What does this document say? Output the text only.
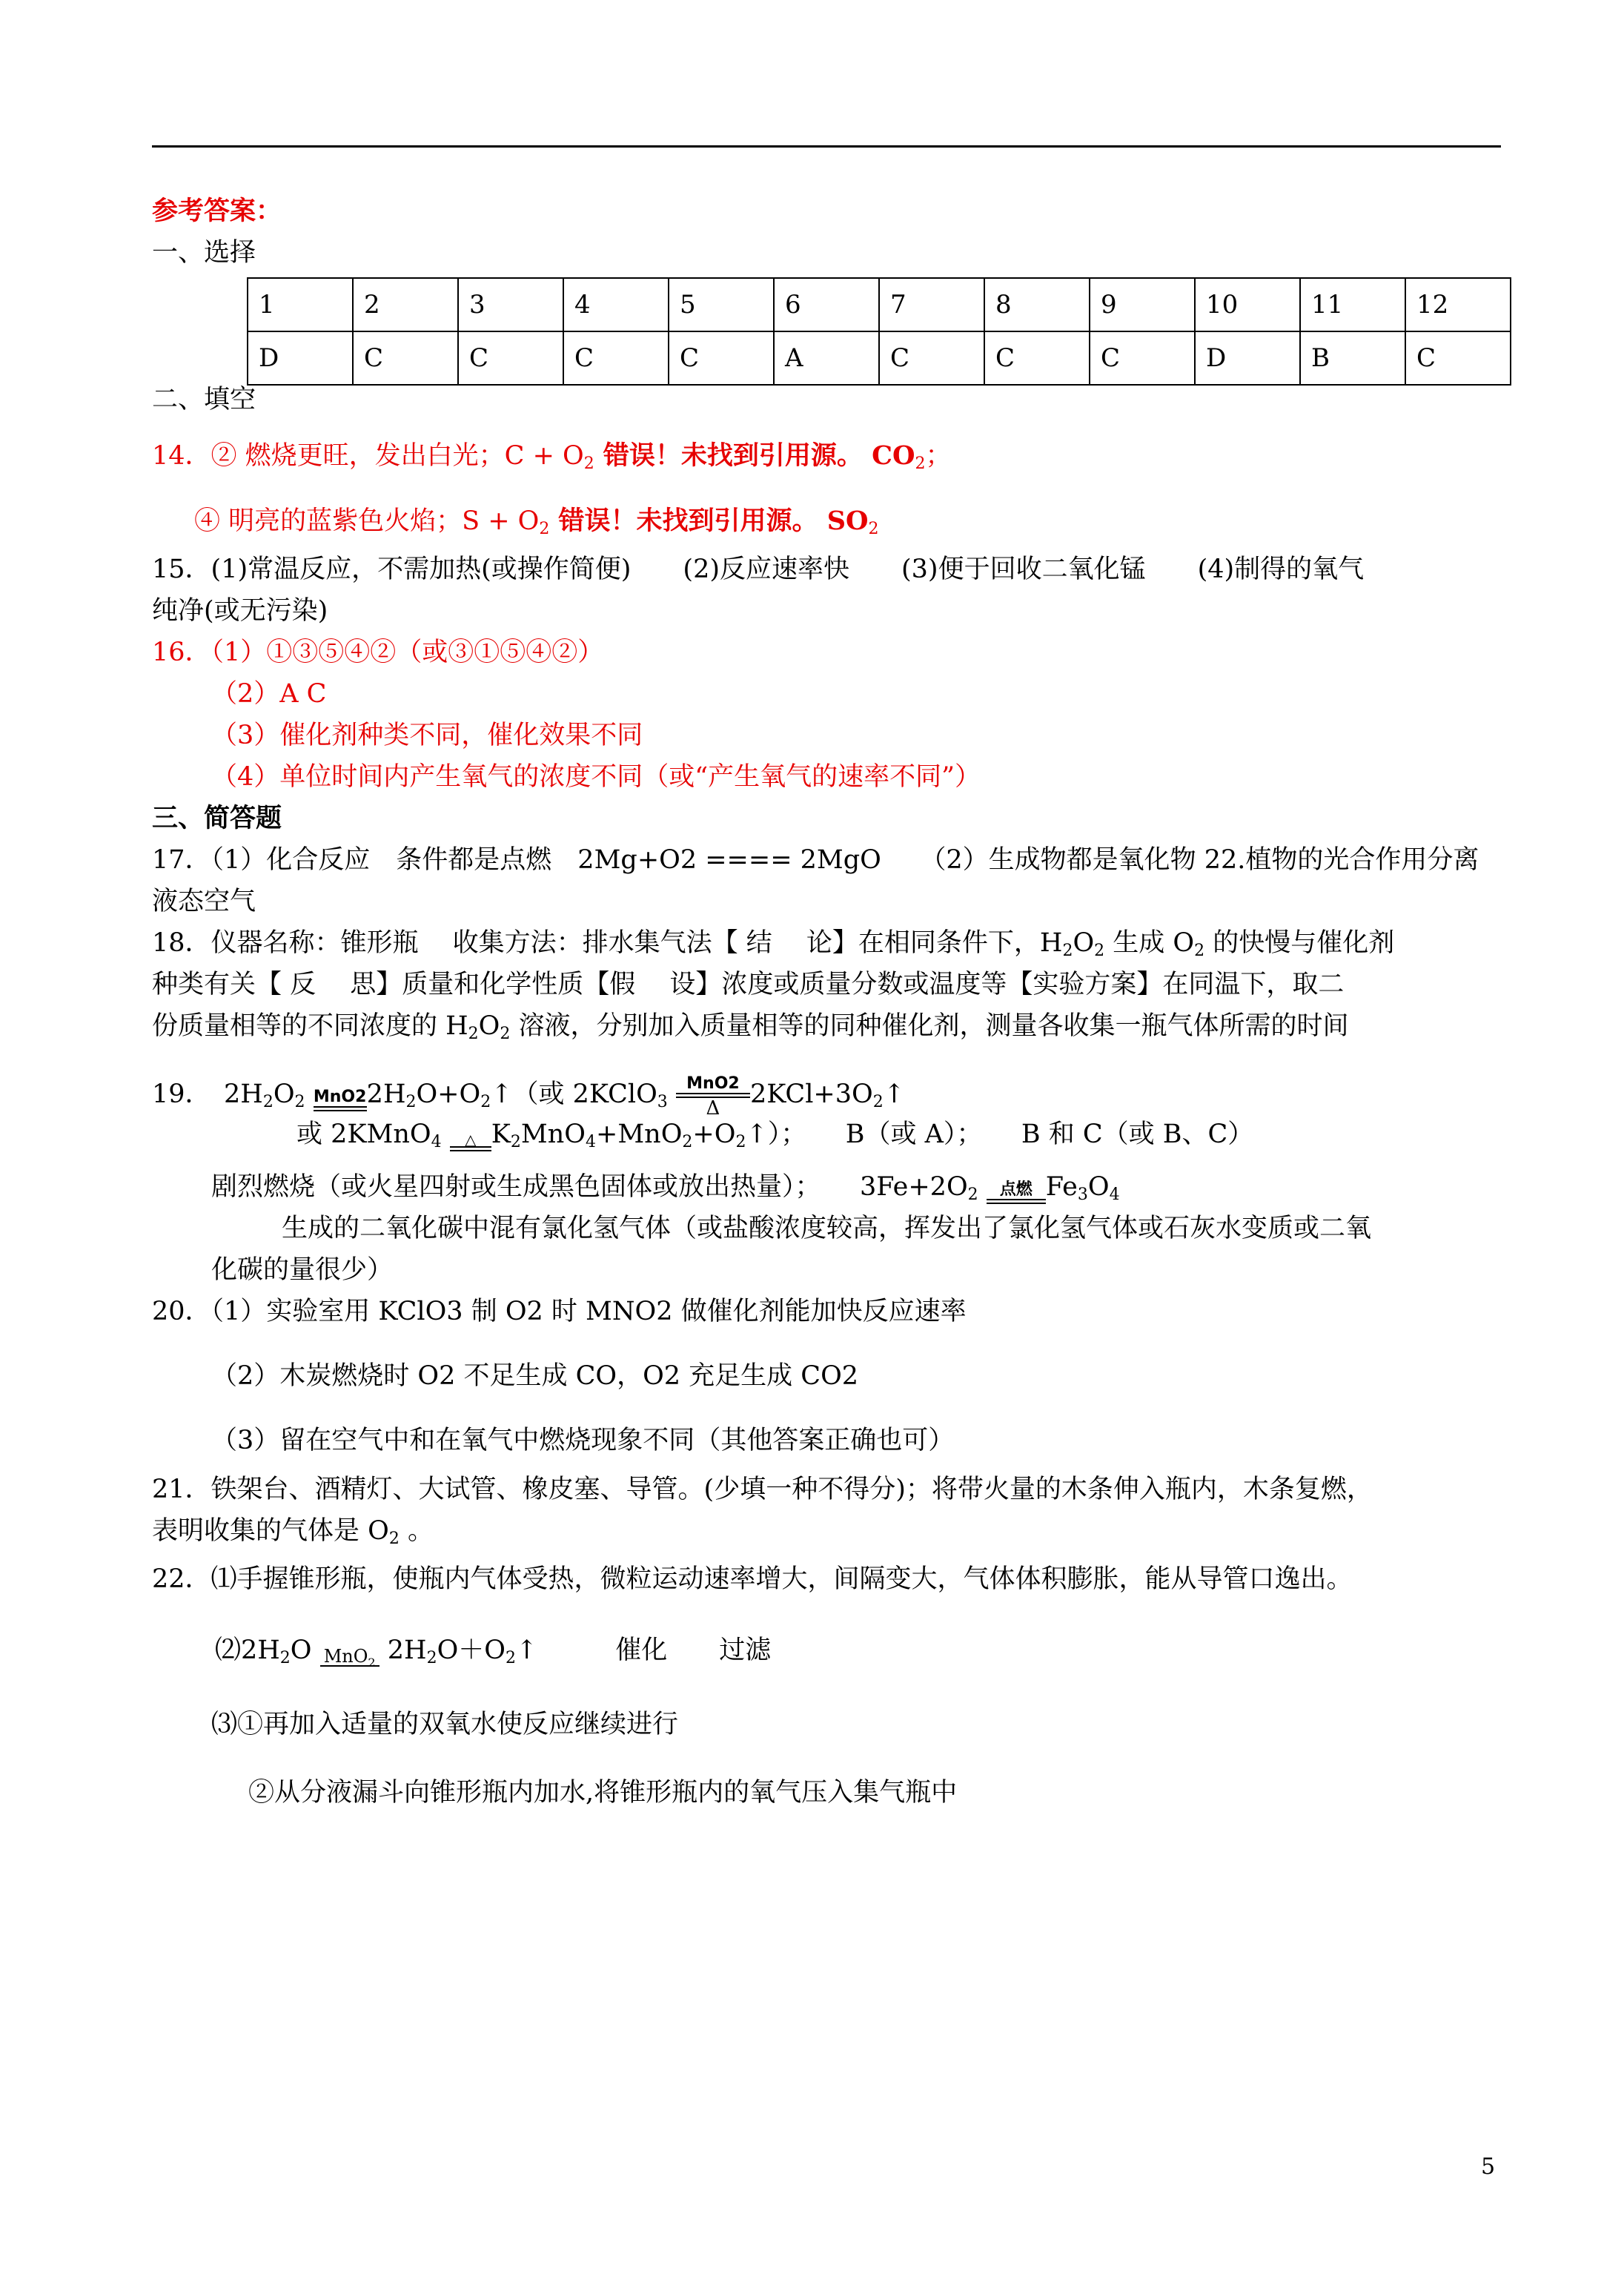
参考答案：
一、选择
1	2	3	4	5	6	7	8	9	10	11	12
D	C	C	C	C	A	C	C	C	D	B	C
二、填空
14．② 燃烧更旺，发出白光；$C + O_2$ 错误！未找到引用源。 $CO_2$；
④ 明亮的蓝紫色火焰；$S + O_2$ 错误！未找到引用源。 $SO_2$
15．(1)常温反应，不需加热(或操作简便)　　(2)反应速率快　　(3)便于回收二氧化锰　　(4)制得的氧气
纯净(或无污染)
16．（1）①③⑤④②（或③①⑤④②）
（2）A C
（3）催化剂种类不同，催化效果不同
（4）单位时间内产生氧气的浓度不同（或“产生氧气的速率不同”）
三、简答题
17．（1）化合反应　条件都是点燃　2Mg+O2 ==== 2MgO　　（2）生成物都是氧化物 22.植物的光合作用分离
液态空气
18．仪器名称：锥形瓶　 收集方法：排水集气法【 结　 论】在相同条件下，$H_2O_2$ 生成 $O_2$ 的快慢与催化剂
种类有关【 反　 思】质量和化学性质【假　 设】浓度或质量分数或温度等【实验方案】在同温下，取二
份质量相等的不同浓度的 $H_2O_2$ 溶液，分别加入质量相等的同种催化剂，测量各收集一瓶气体所需的时间
19．　$2H_2O_2$ MnO2 $2H_2O+O_2↑$（或 2KClO$_3$
MnO2
Δ	$2KCl+3O_2↑$
或 2KMnO$_4$	△ $K_2MnO_4+MnO_2+O_2↑$）；　　B（或 A）；　　B 和 C（或 B、C）
剧烈燃烧（或火星四射或生成黑色固体或放出热量）；　　$3Fe+2O_2$	点燃 $Fe_3O_4$
生成的二氧化碳中混有氯化氢气体（或盐酸浓度较高，挥发出了氯化氢气体或石灰水变质或二氧
化碳的量很少）
20．（1）实验室用 KClO3 制 O2 时 MNO2 做催化剂能加快反应速率
（2）木炭燃烧时 O2 不足生成 CO，O2 充足生成 CO2
（3）留在空气中和在氧气中燃烧现象不同（其他答案正确也可）
21．铁架台、酒精灯、大试管、橡皮塞、导管。(少填一种不得分)；将带火量的木条伸入瓶内，木条复燃，
表明收集的气体是 $O_2$ 。
22．⑴手握锥形瓶，使瓶内气体受热，微粒运动速率增大，间隔变大，气体体积膨胀，能从导管口逸出。
$⑵2H_2O$ MnO$_2$ $2H_2O+O_2↑$　　　催化　　过滤
⑶①再加入适量的双氧水使反应继续进行
②从分液漏斗向锥形瓶内加水,将锥形瓶内的氧气压入集气瓶中
5
